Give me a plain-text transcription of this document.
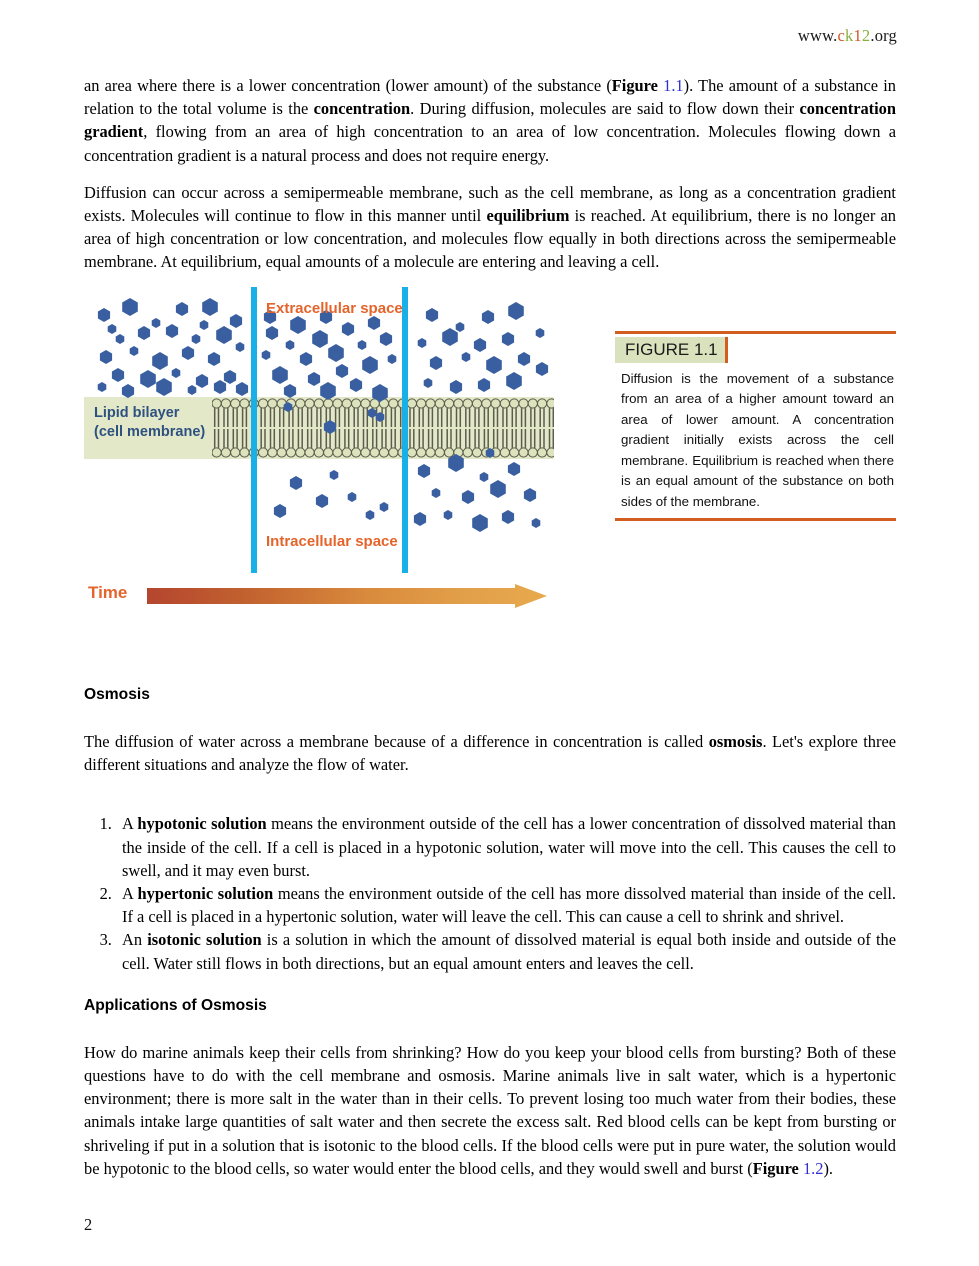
www.ck12.org

an area where there is a lower concentration (lower amount) of the substance (Figure 1.1). The amount of a substance in relation to the total volume is the concentration. During diffusion, molecules are said to flow down their concentration gradient, flowing from an area of high concentration to an area of low concentration. Molecules flowing down a concentration gradient is a natural process and does not require energy.

Diffusion can occur across a semipermeable membrane, such as the cell membrane, as long as a concentration gradient exists. Molecules will continue to flow in this manner until equilibrium is reached. At equilibrium, there is no longer an area of high concentration or low concentration, and molecules flow equally in both directions across the semipermeable membrane. At equilibrium, equal amounts of a molecule are entering and leaving a cell.

Lipid bilayer
(cell membrane)
Extracellular space
Intracellular space
Time
FIGURE 1.1
Diffusion is the movement of a substance from an area of a higher amount toward an area of lower amount. A concentration gradient initially exists across the cell membrane. Equilibrium is reached when there is an equal amount of the substance on both sides of the membrane.
Osmosis

The diffusion of water across a membrane because of a difference in concentration is called osmosis. Let's explore three different situations and analyze the flow of water.

1. A hypotonic solution means the environment outside of the cell has a lower concentration of dissolved material than the inside of the cell. If a cell is placed in a hypotonic solution, water will move into the cell. This causes the cell to swell, and it may even burst.
2. A hypertonic solution means the environment outside of the cell has more dissolved material than inside of the cell. If a cell is placed in a hypertonic solution, water will leave the cell. This can cause a cell to shrink and shrivel.
3. An isotonic solution is a solution in which the amount of dissolved material is equal both inside and outside of the cell. Water still flows in both directions, but an equal amount enters and leaves the cell.
Applications of Osmosis

How do marine animals keep their cells from shrinking? How do you keep your blood cells from bursting? Both of these questions have to do with the cell membrane and osmosis. Marine animals live in salt water, which is a hypertonic environment; there is more salt in the water than in their cells. To prevent losing too much water from their bodies, these animals intake large quantities of salt water and then secrete the excess salt. Red blood cells can be kept from bursting or shriveling if put in a solution that is isotonic to the blood cells. If the blood cells were put in pure water, the solution would be hypotonic to the blood cells, so water would enter the blood cells, and they would swell and burst (Figure 1.2).

2
